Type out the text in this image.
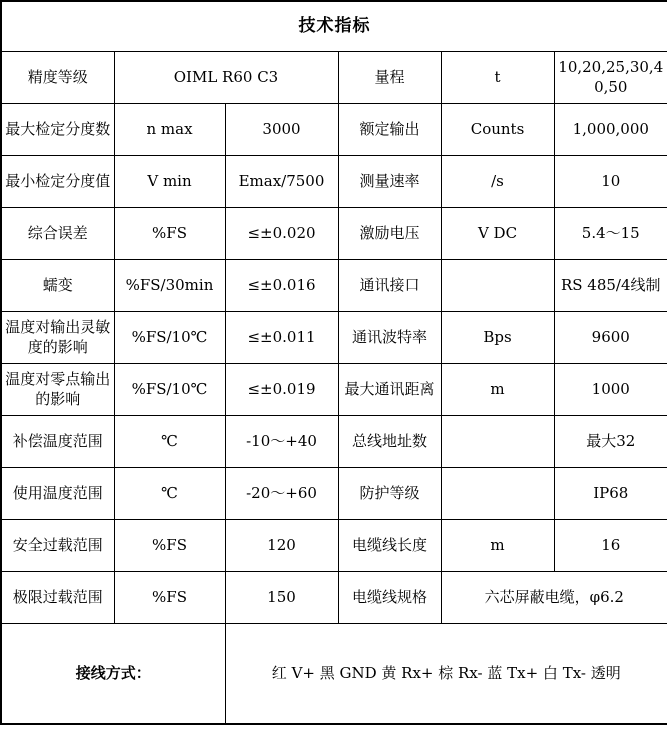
技术指标					
精度等级	OIML R60 C3		量程	t	10,20,25,30,40,50
最大检定分度数	n max	3000	额定输出	Counts	1,000,000
最小检定分度值	V min	Emax/7500	测量速率	/s	10
综合误差	%FS	≤±0.020	激励电压	V DC	5.4～15
蠕变	%FS/30min	≤±0.016	通讯接口		RS 485/4线制
温度对输出灵敏度的影响	%FS/10℃	≤±0.011	通讯波特率	Bps	9600
温度对零点输出的影响	%FS/10℃	≤±0.019	最大通讯距离	m	1000
补偿温度范围	℃	-10～+40	总线地址数		最大32
使用温度范围	℃	-20～+60	防护等级		IP68
安全过载范围	%FS	120	电缆线长度	m	16
极限过载范围	%FS	150	电缆线规格	六芯屏蔽电缆，φ6.2	
接线方式：		红 V+ 黑 GND 黄 Rx+ 棕 Rx- 蓝 Tx+ 白 Tx- 透明			
